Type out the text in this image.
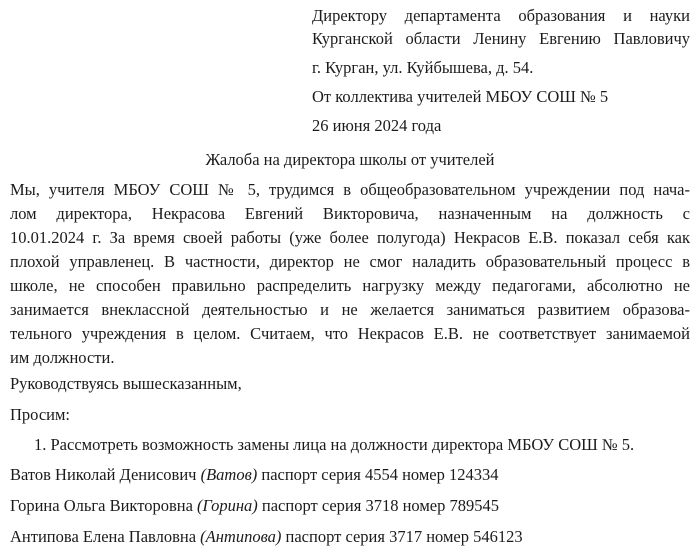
Директору департамента образования и науки
Курганской области Ленину Евгению Павловичу
г. Курган, ул. Куйбышева, д. 54.
От коллектива учителей МБОУ СОШ № 5
26 июня 2024 года
Жалоба на директора школы от учителей
Мы, учителя МБОУ СОШ № 5, трудимся в общеобразовательном учреждении под нача-
лом директора, Некрасова Евгений Викторовича, назначенным на должность с
10.01.2024 г. За время своей работы (уже более полугода) Некрасов Е.В. показал себя как
плохой управленец. В частности, директор не смог наладить образовательный процесс в
школе, не способен правильно распределить нагрузку между педагогами, абсолютно не
занимается внеклассной деятельностью и не желается заниматься развитием образова-
тельного учреждения в целом. Считаем, что Некрасов Е.В. не соответствует занимаемой
им должности.
Руководствуясь вышесказанным,
Просим:
1. Рассмотреть возможность замены лица на должности директора МБОУ СОШ № 5.
Ватов Николай Денисович (Ватов) паспорт серия 4554 номер 124334
Горина Ольга Викторовна (Горина) паспорт серия 3718 номер 789545
Антипова Елена Павловна (Антипова) паспорт серия 3717 номер 546123
